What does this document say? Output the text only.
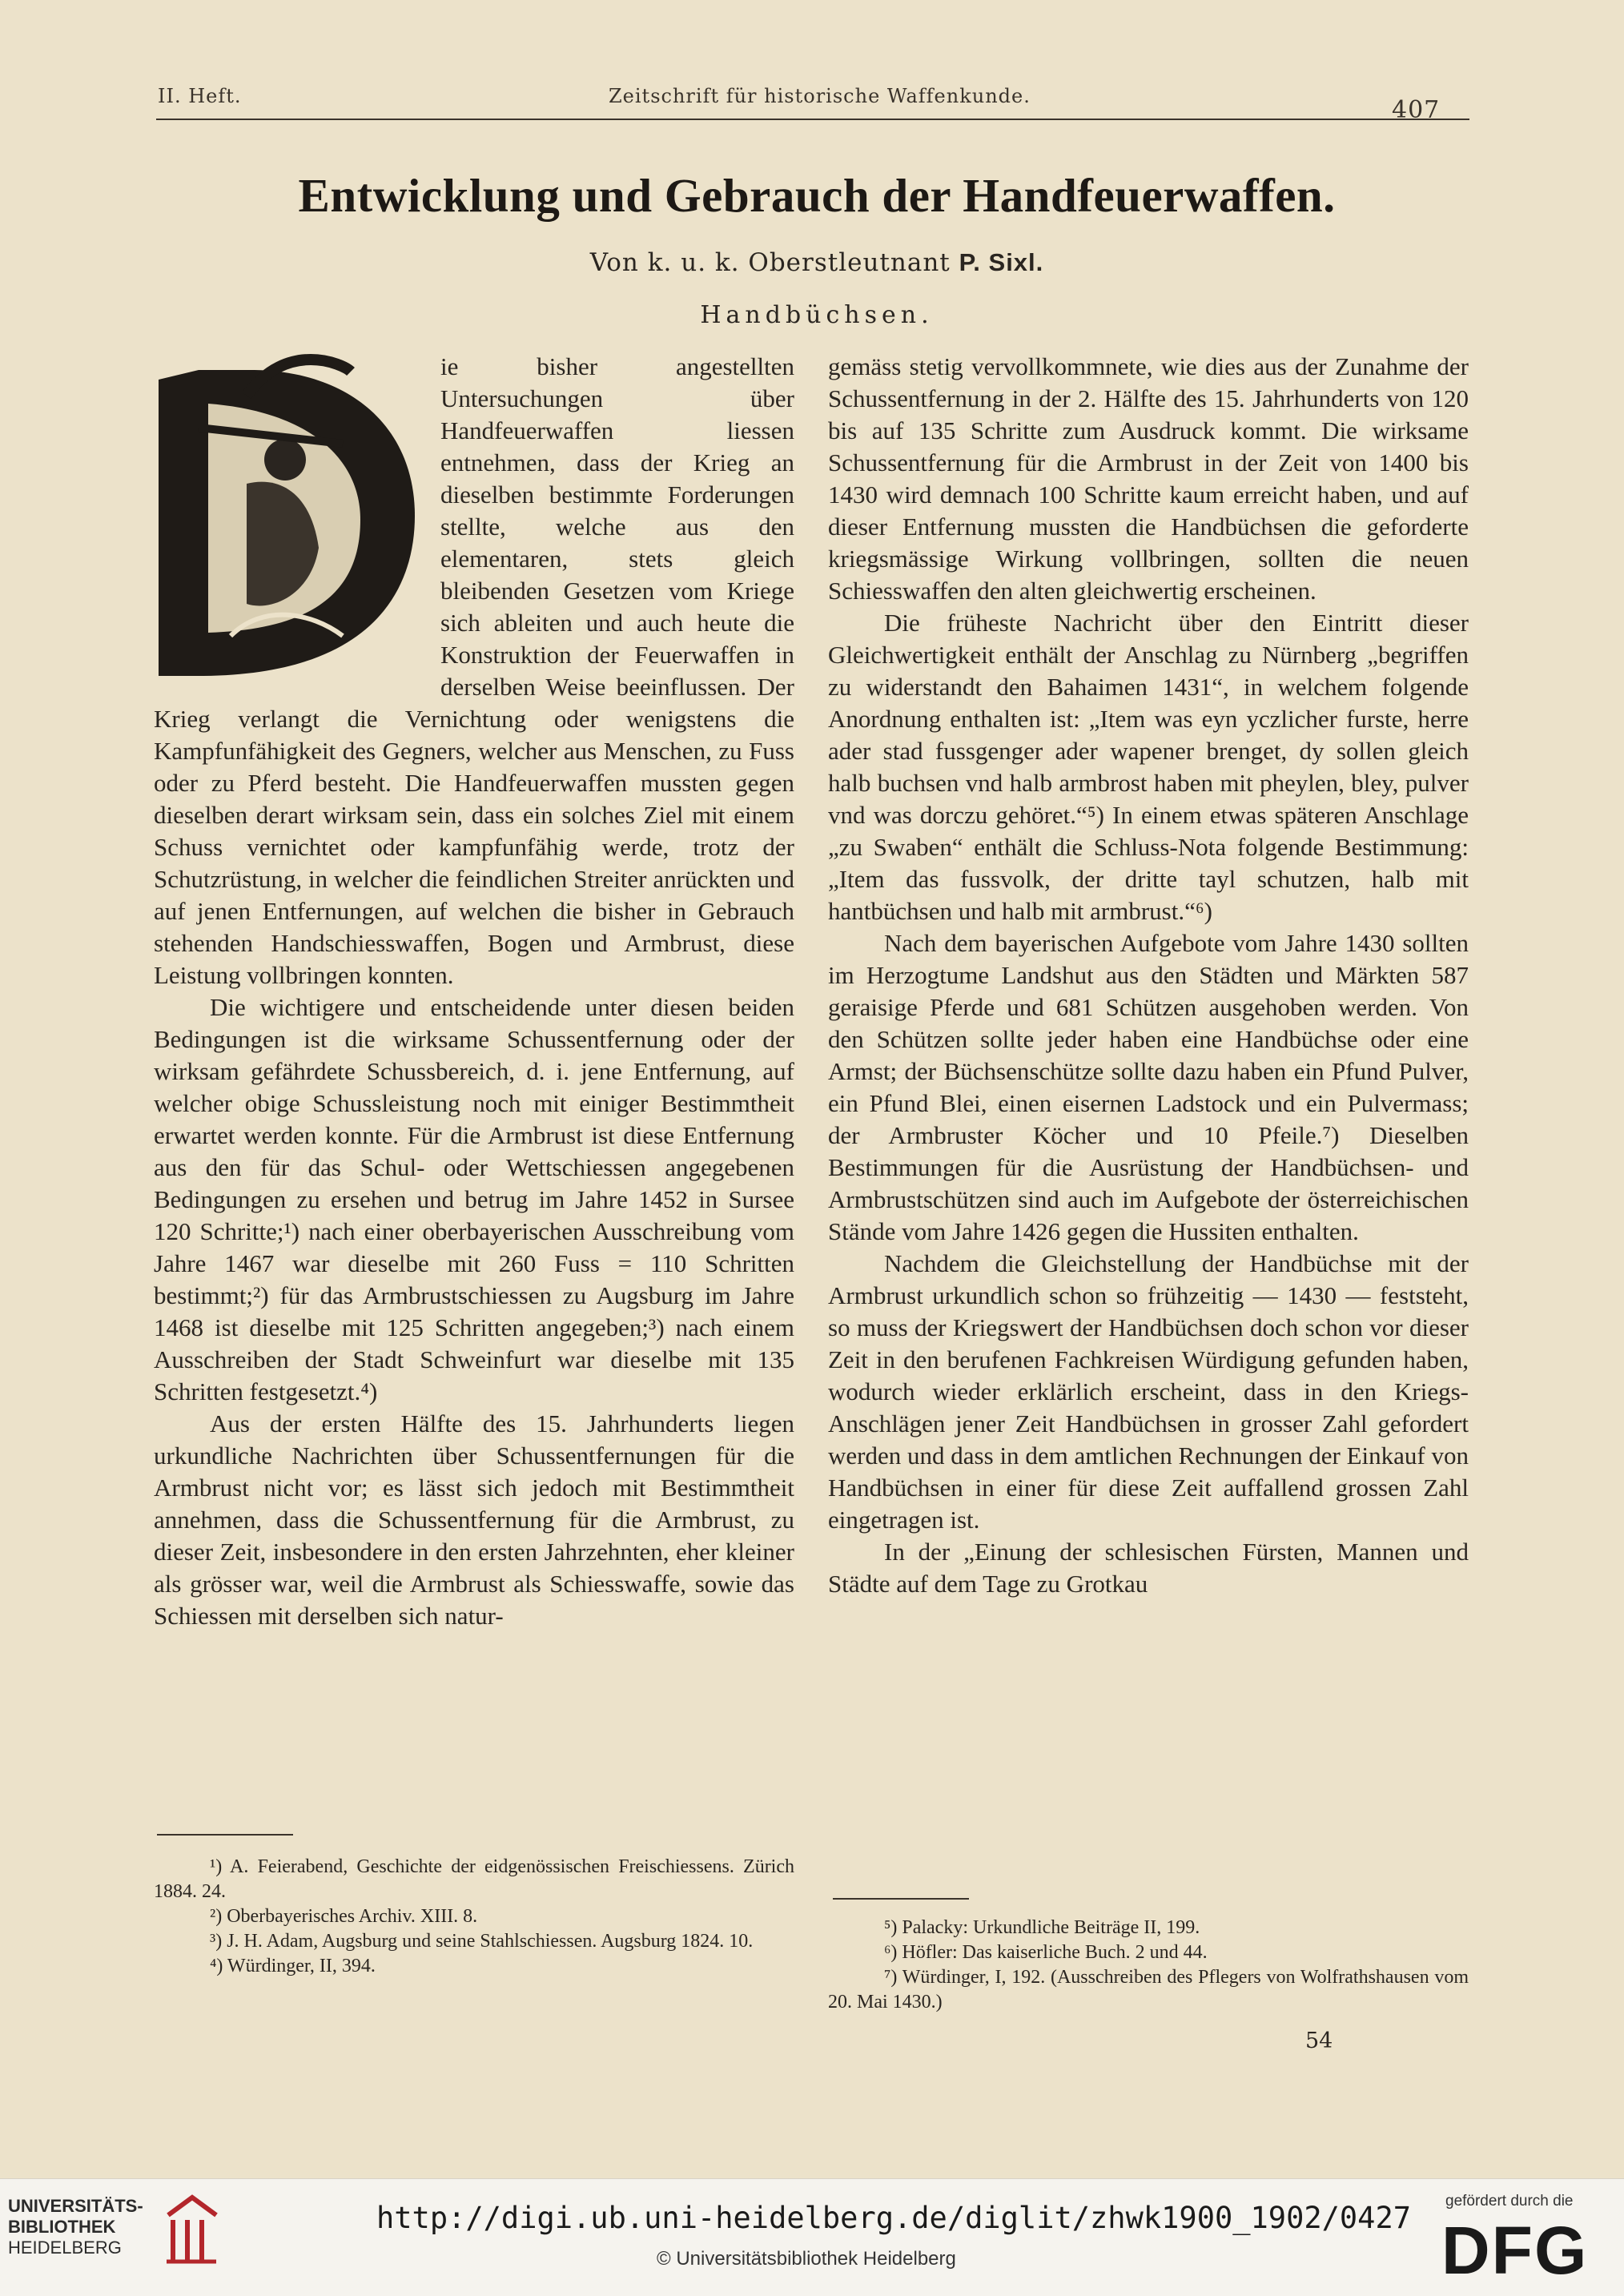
II. Heft.	Zeitschrift für historische Waffenkunde.	407
Entwicklung und Gebrauch der Handfeuerwaffen.
Von k. u. k. Oberstleutnant P. Sixl.
Handbüchsen.

ie bisher angestellten Untersuchungen über Handfeuerwaffen liessen entnehmen, dass der Krieg an dieselben bestimmte Forderungen stellte, welche aus den elementaren, stets gleich bleibenden Gesetzen vom Kriege sich ableiten und auch heute die Konstruktion der Feuerwaffen in derselben Weise beeinflussen. Der Krieg verlangt die Vernichtung oder wenigstens die Kampfunfähigkeit des Gegners, welcher aus Menschen, zu Fuss oder zu Pferd besteht. Die Handfeuerwaffen mussten gegen dieselben derart wirksam sein, dass ein solches Ziel mit einem Schuss vernichtet oder kampfunfähig werde, trotz der Schutzrüstung, in welcher die feindlichen Streiter anrückten und auf jenen Entfernungen, auf welchen die bisher in Gebrauch stehenden Handschiesswaffen, Bogen und Armbrust, diese Leistung vollbringen konnten.

Die wichtigere und entscheidende unter diesen beiden Bedingungen ist die wirksame Schussentfernung oder der wirksam gefährdete Schussbereich, d. i. jene Entfernung, auf welcher obige Schussleistung noch mit einiger Bestimmtheit erwartet werden konnte. Für die Armbrust ist diese Entfernung aus den für das Schul- oder Wettschiessen angegebenen Bedingungen zu ersehen und betrug im Jahre 1452 in Sursee 120 Schritte;¹) nach einer oberbayerischen Ausschreibung vom Jahre 1467 war dieselbe mit 260 Fuss = 110 Schritten bestimmt;²) für das Armbrustschiessen zu Augsburg im Jahre 1468 ist dieselbe mit 125 Schritten angegeben;³) nach einem Ausschreiben der Stadt Schweinfurt war dieselbe mit 135 Schritten festgesetzt.⁴)

Aus der ersten Hälfte des 15. Jahrhunderts liegen urkundliche Nachrichten über Schussentfernungen für die Armbrust nicht vor; es lässt sich jedoch mit Bestimmtheit annehmen, dass die Schussentfernung für die Armbrust, zu dieser Zeit, insbesondere in den ersten Jahrzehnten, eher kleiner als grösser war, weil die Armbrust als Schiesswaffe, sowie das Schiessen mit derselben sich natur-

gemäss stetig vervollkommnete, wie dies aus der Zunahme der Schussentfernung in der 2. Hälfte des 15. Jahrhunderts von 120 bis auf 135 Schritte zum Ausdruck kommt. Die wirksame Schussentfernung für die Armbrust in der Zeit von 1400 bis 1430 wird demnach 100 Schritte kaum erreicht haben, und auf dieser Entfernung mussten die Handbüchsen die geforderte kriegsmässige Wirkung vollbringen, sollten die neuen Schiesswaffen den alten gleichwertig erscheinen.

Die früheste Nachricht über den Eintritt dieser Gleichwertigkeit enthält der Anschlag zu Nürnberg „begriffen zu widerstandt den Bahaimen 1431“, in welchem folgende Anordnung enthalten ist: „Item was eyn yczlicher furste, herre ader stad fussgenger ader wapener brenget, dy sollen gleich halb buchsen vnd halb armbrost haben mit pheylen, bley, pulver vnd was dorczu gehöret.“⁵) In einem etwas späteren Anschlage „zu Swaben“ enthält die Schluss-Nota folgende Bestimmung: „Item das fussvolk, der dritte tayl schutzen, halb mit hantbüchsen und halb mit armbrust.“⁶)

Nach dem bayerischen Aufgebote vom Jahre 1430 sollten im Herzogtume Landshut aus den Städten und Märkten 587 geraisige Pferde und 681 Schützen ausgehoben werden. Von den Schützen sollte jeder haben eine Handbüchse oder eine Armst; der Büchsenschütze sollte dazu haben ein Pfund Pulver, ein Pfund Blei, einen eisernen Ladstock und ein Pulvermass; der Armbruster Köcher und 10 Pfeile.⁷) Dieselben Bestimmungen für die Ausrüstung der Handbüchsen- und Armbrustschützen sind auch im Aufgebote der österreichischen Stände vom Jahre 1426 gegen die Hussiten enthalten.

Nachdem die Gleichstellung der Handbüchse mit der Armbrust urkundlich schon so frühzeitig — 1430 — feststeht, so muss der Kriegswert der Handbüchsen doch schon vor dieser Zeit in den berufenen Fachkreisen Würdigung gefunden haben, wodurch wieder erklärlich erscheint, dass in den Kriegs-Anschlägen jener Zeit Handbüchsen in grosser Zahl gefordert werden und dass in dem amtlichen Rechnungen der Einkauf von Handbüchsen in einer für diese Zeit auffallend grossen Zahl eingetragen ist.

In der „Einung der schlesischen Fürsten, Mannen und Städte auf dem Tage zu Grotkau

¹) A. Feierabend, Geschichte der eidgenössischen Freischiessens. Zürich 1884. 24.

²) Oberbayerisches Archiv. XIII. 8.

³) J. H. Adam, Augsburg und seine Stahlschiessen. Augsburg 1824. 10.

⁴) Würdinger, II, 394.

⁵) Palacky: Urkundliche Beiträge II, 199.

⁶) Höfler: Das kaiserliche Buch. 2 und 44.

⁷) Würdinger, I, 192. (Ausschreiben des Pflegers von Wolfrathshausen vom 20. Mai 1430.)

54
UNIVERSITÄTS-
BIBLIOTHEK
HEIDELBERG
http://digi.ub.uni-heidelberg.de/diglit/zhwk1900_1902/0427
© Universitätsbibliothek Heidelberg
gefördert durch die
DFG
